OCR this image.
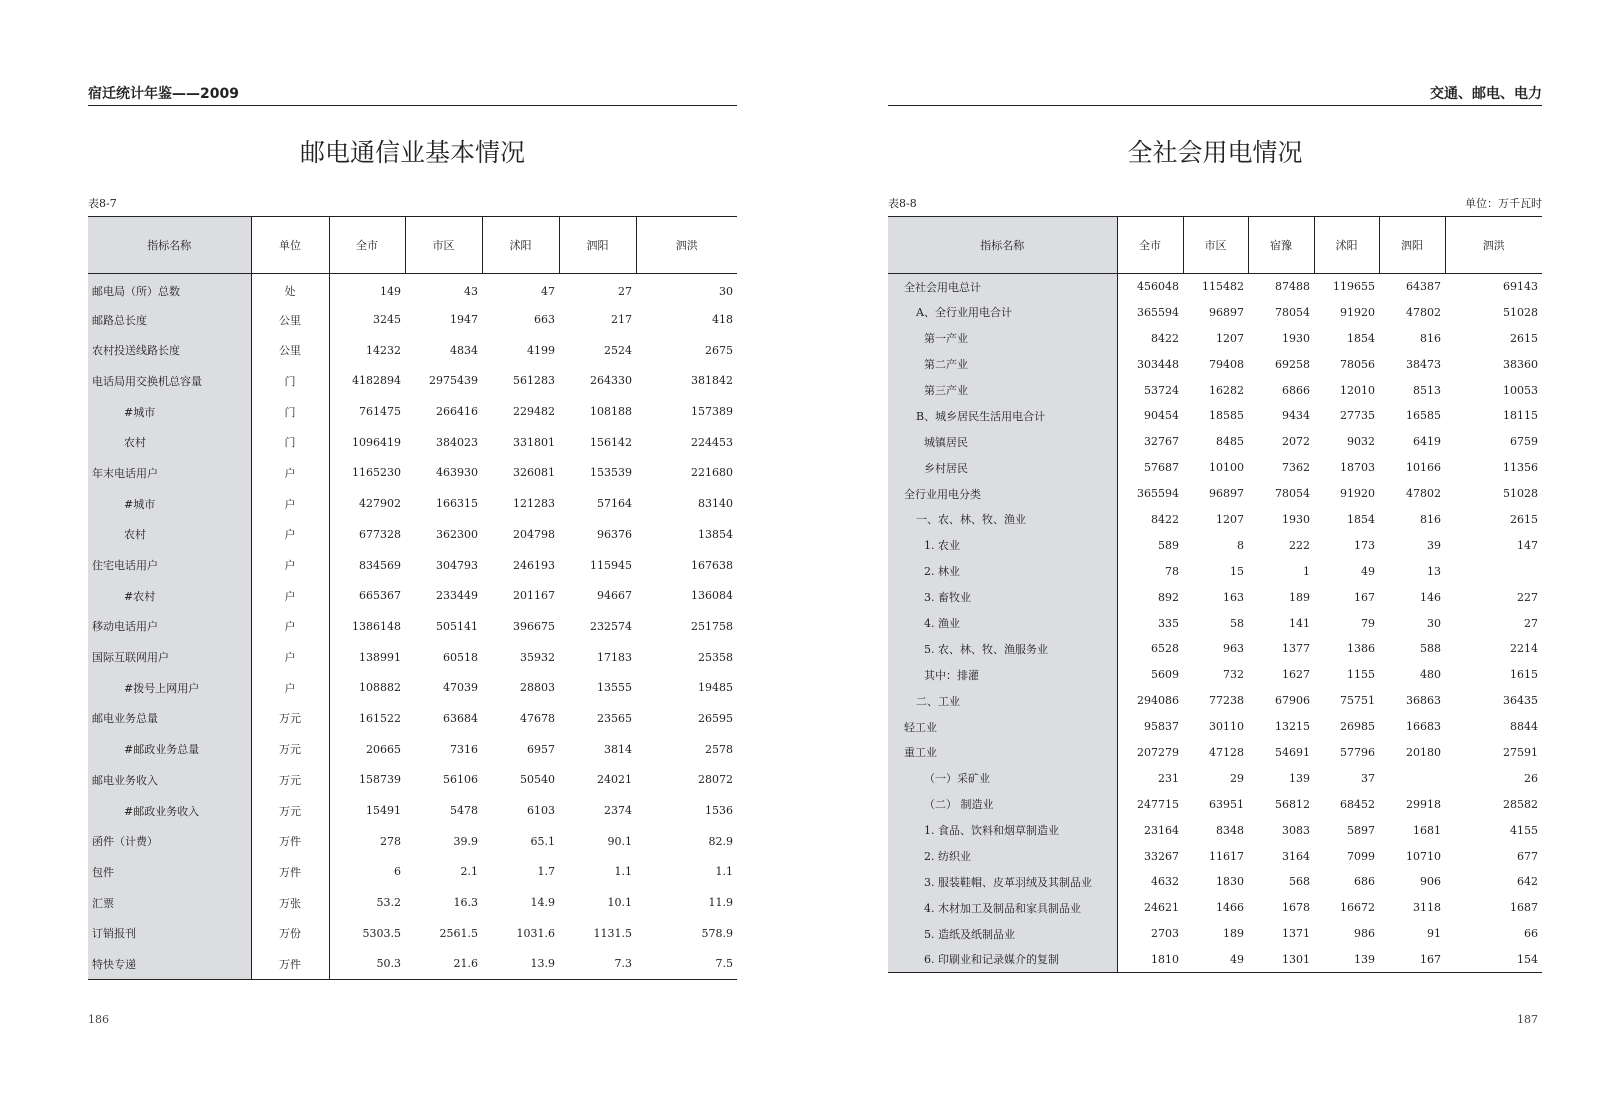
宿迁统计年鉴——2009
邮电通信业基本情况
表8-7
指标名称	单位	全市	市区	沭阳	泗阳	泗洪
邮电局（所）总数	处	149	43	47	27	30
邮路总长度	公里	3245	1947	663	217	418
农村投送线路长度	公里	14232	4834	4199	2524	2675
电话局用交换机总容量	门	4182894	2975439	561283	264330	381842
#城市	门	761475	266416	229482	108188	157389
农村	门	1096419	384023	331801	156142	224453
年末电话用户	户	1165230	463930	326081	153539	221680
#城市	户	427902	166315	121283	57164	83140
农村	户	677328	362300	204798	96376	13854
住宅电话用户	户	834569	304793	246193	115945	167638
#农村	户	665367	233449	201167	94667	136084
移动电话用户	户	1386148	505141	396675	232574	251758
国际互联网用户	户	138991	60518	35932	17183	25358
#拨号上网用户	户	108882	47039	28803	13555	19485
邮电业务总量	万元	161522	63684	47678	23565	26595
#邮政业务总量	万元	20665	7316	6957	3814	2578
邮电业务收入	万元	158739	56106	50540	24021	28072
#邮政业务收入	万元	15491	5478	6103	2374	1536
函件（计费）	万件	278	39.9	65.1	90.1	82.9
包件	万件	6	2.1	1.7	1.1	1.1
汇票	万张	53.2	16.3	14.9	10.1	11.9
订销报刊	万份	5303.5	2561.5	1031.6	1131.5	578.9
特快专递	万件	50.3	21.6	13.9	7.3	7.5
186
交通、邮电、电力
全社会用电情况
表8-8	单位：万千瓦时
指标名称	全市	市区	宿豫	沭阳	泗阳	泗洪
全社会用电总计	456048	115482	87488	119655	64387	69143
A、全行业用电合计	365594	96897	78054	91920	47802	51028
第一产业	8422	1207	1930	1854	816	2615
第二产业	303448	79408	69258	78056	38473	38360
第三产业	53724	16282	6866	12010	8513	10053
B、城乡居民生活用电合计	90454	18585	9434	27735	16585	18115
城镇居民	32767	8485	2072	9032	6419	6759
乡村居民	57687	10100	7362	18703	10166	11356
全行业用电分类	365594	96897	78054	91920	47802	51028
一、农、林、牧、渔业	8422	1207	1930	1854	816	2615
1. 农业	589	8	222	173	39	147
2. 林业	78	15	1	49	13	
3. 畜牧业	892	163	189	167	146	227
4. 渔业	335	58	141	79	30	27
5. 农、林、牧、渔服务业	6528	963	1377	1386	588	2214
其中：排灌	5609	732	1627	1155	480	1615
二、工业	294086	77238	67906	75751	36863	36435
轻工业	95837	30110	13215	26985	16683	8844
重工业	207279	47128	54691	57796	20180	27591
（一）采矿业	231	29	139	37		26
（二） 制造业	247715	63951	56812	68452	29918	28582
1. 食品、饮料和烟草制造业	23164	8348	3083	5897	1681	4155
2. 纺织业	33267	11617	3164	7099	10710	677
3. 服装鞋帽、皮革羽绒及其制品业	4632	1830	568	686	906	642
4. 木材加工及制品和家具制品业	24621	1466	1678	16672	3118	1687
5. 造纸及纸制品业	2703	189	1371	986	91	66
6. 印刷业和记录媒介的复制	1810	49	1301	139	167	154
187
